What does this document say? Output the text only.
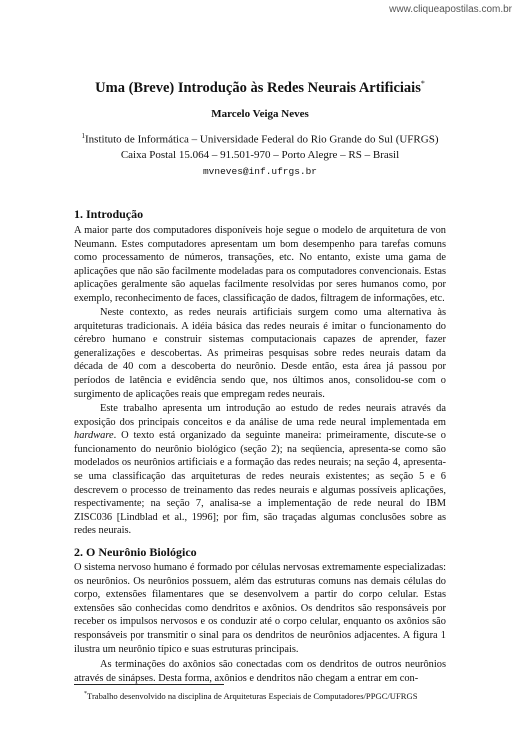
www.cliqueapostilas.com.br
Uma (Breve) Introdução às Redes Neurais Artificiais*
Marcelo Veiga Neves
$^1$Instituto de Informática – Universidade Federal do Rio Grande do Sul (UFRGS)
Caixa Postal 15.064 – 91.501-970 – Porto Alegre – RS – Brasil
mvneves@inf.ufrgs.br
1. Introdução
A maior parte dos computadores disponíveis hoje segue o modelo de arquitetura de von Neumann. Estes computadores apresentam um bom desempenho para tarefas comuns como processamento de números, transações, etc. No entanto, existe uma gama de aplicações que não são facilmente modeladas para os computadores convencionais. Estas aplicações geralmente são aquelas facilmente resolvidas por seres humanos como, por exemplo, reconhecimento de faces, classificação de dados, filtragem de informações, etc.
Neste contexto, as redes neurais artificiais surgem como uma alternativa às arquiteturas tradicionais. A idéia básica das redes neurais é imitar o funcionamento do cérebro humano e construir sistemas computacionais capazes de aprender, fazer generalizações e descobertas. As primeiras pesquisas sobre redes neurais datam da década de 40 com a descoberta do neurônio. Desde então, esta área já passou por períodos de latência e evidência sendo que, nos últimos anos, consolidou-se com o surgimento de aplicações reais que empregam redes neurais.
Este trabalho apresenta um introdução ao estudo de redes neurais através da exposição dos principais conceitos e da análise de uma rede neural implementada em hardware. O texto está organizado da seguinte maneira: primeiramente, discute-se o funcionamento do neurônio biológico (seção 2); na seqüencia, apresenta-se como são modelados os neurônios artificiais e a formação das redes neurais; na seção 4, apresenta-se uma classificação das arquiteturas de redes neurais existentes; as seção 5 e 6 descrevem o processo de treinamento das redes neurais e algumas possíveis aplicações, respectivamente; na seção 7, analisa-se a implementação de rede neural do IBM ZISC036 [Lindblad et al., 1996]; por fim, são traçadas algumas conclusões sobre as redes neurais.
2. O Neurônio Biológico
O sistema nervoso humano é formado por células nervosas extremamente especializadas: os neurônios. Os neurônios possuem, além das estruturas comuns nas demais células do corpo, extensões filamentares que se desenvolvem a partir do corpo celular. Estas extensões são conhecidas como dendritos e axônios. Os dendritos são responsáveis por receber os impulsos nervosos e os conduzir até o corpo celular, enquanto os axônios são responsáveis por transmitir o sinal para os dendritos de neurônios adjacentes. A figura 1 ilustra um neurônio típico e suas estruturas principais.
As terminações do axônios são conectadas com os dendritos de outros neurônios através de sinápses. Desta forma, axônios e dendritos não chegam a entrar em con-
*Trabalho desenvolvido na disciplina de Arquiteturas Especiais de Computadores/PPGC/UFRGS
